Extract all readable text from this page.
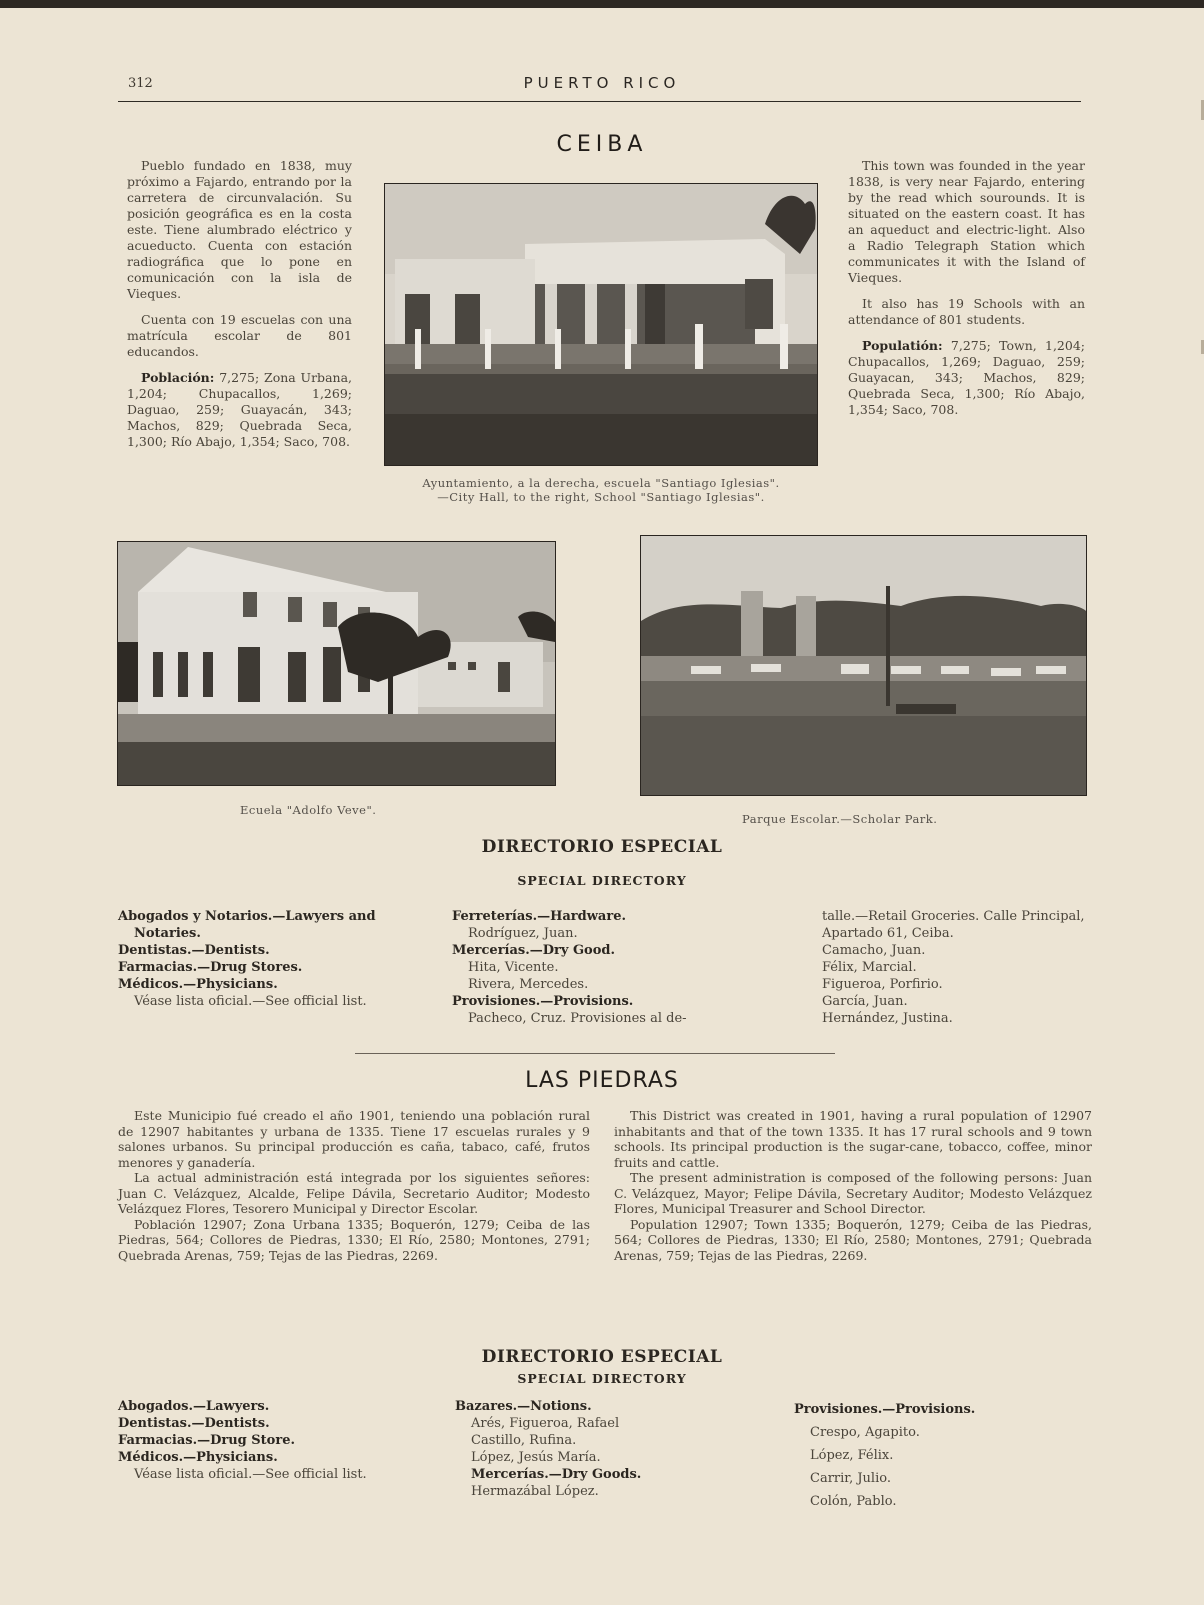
312	PUERTO RICO
CEIBA

Pueblo fundado en 1838, muy próximo a Fajardo, entrando por la carretera de circunvalación. Su posición geográfica es en la costa este. Tiene alumbrado eléctrico y acueducto. Cuenta con estación radiográfica que lo pone en comunicación con la isla de Vieques.

Cuenta con 19 escuelas con una matrícula escolar de 801 educandos.

Población: 7,275; Zona Urbana, 1,204; Chupacallos, 1,269; Daguao, 259; Guayacán, 343; Machos, 829; Quebrada Seca, 1,300; Río Abajo, 1,354; Saco, 708.

This town was founded in the year 1838, is very near Fajardo, entering by the read which sourounds. It is situated on the eastern coast. It has an aqueduct and electric-light. Also a Radio Telegraph Station which communicates it with the Island of Vieques.

It also has 19 Schools with an attendance of 801 students.

Populatión: 7,275; Town, 1,204; Chupacallos, 1,269; Daguao, 259; Guayacan, 343; Machos, 829; Quebrada Seca, 1,300; Río Abajo, 1,354; Saco, 708.

Ayuntamiento, a la derecha, escuela "Santiago Iglesias".
—City Hall, to the right, School "Santiago Iglesias".
Ecuela "Adolfo Veve".
Parque Escolar.—Scholar Park.
DIRECTORIO ESPECIAL
SPECIAL DIRECTORY
Abogados y Notarios.—Lawyers and Notaries.
Dentistas.—Dentists.
Farmacias.—Drug Stores.
Médicos.—Physicians.
Véase lista oficial.—See official list.
Ferreterías.—Hardware.
Rodríguez, Juan.
Mercerías.—Dry Good.
Hita, Vicente.
Rivera, Mercedes.
Provisiones.—Provisions.
Pacheco, Cruz. Provisiones al de-
talle.—Retail Groceries. Calle Principal, Apartado 61, Ceiba.
Camacho, Juan.
Félix, Marcial.
Figueroa, Porfirio.
García, Juan.
Hernández, Justina.
LAS PIEDRAS

Este Municipio fué creado el año 1901, teniendo una población rural de 12907 habitantes y urbana de 1335. Tiene 17 escuelas rurales y 9 salones urbanos. Su principal producción es caña, tabaco, café, frutos menores y ganadería.

La actual administración está integrada por los siguientes señores: Juan C. Velázquez, Alcalde, Felipe Dávila, Secretario Auditor; Modesto Velázquez Flores, Tesorero Municipal y Director Escolar.

Población 12907; Zona Urbana 1335; Boquerón, 1279; Ceiba de las Piedras, 564; Collores de Piedras, 1330; El Río, 2580; Montones, 2791; Quebrada Arenas, 759; Tejas de las Piedras, 2269.

This District was created in 1901, having a rural population of 12907 inhabitants and that of the town 1335. It has 17 rural schools and 9 town schools. Its principal production is the sugar-cane, tobacco, coffee, minor fruits and cattle.

The present administration is composed of the following persons: Juan C. Velázquez, Mayor; Felipe Dávila, Secretary Auditor; Modesto Velázquez Flores, Municipal Treasurer and School Director.

Population 12907; Town 1335; Boquerón, 1279; Ceiba de las Piedras, 564; Collores de Piedras, 1330; El Río, 2580; Montones, 2791; Quebrada Arenas, 759; Tejas de las Piedras, 2269.

DIRECTORIO ESPECIAL
SPECIAL DIRECTORY
Abogados.—Lawyers.
Dentistas.—Dentists.
Farmacias.—Drug Store.
Médicos.—Physicians.
Véase lista oficial.—See official list.
Bazares.—Notions.
Arés, Figueroa, Rafael
Castillo, Rufina.
López, Jesús María.
Mercerías.—Dry Goods.
Hermazábal López.
Provisiones.—Provisions.
Crespo, Agapito.
López, Félix.
Carrir, Julio.
Colón, Pablo.
